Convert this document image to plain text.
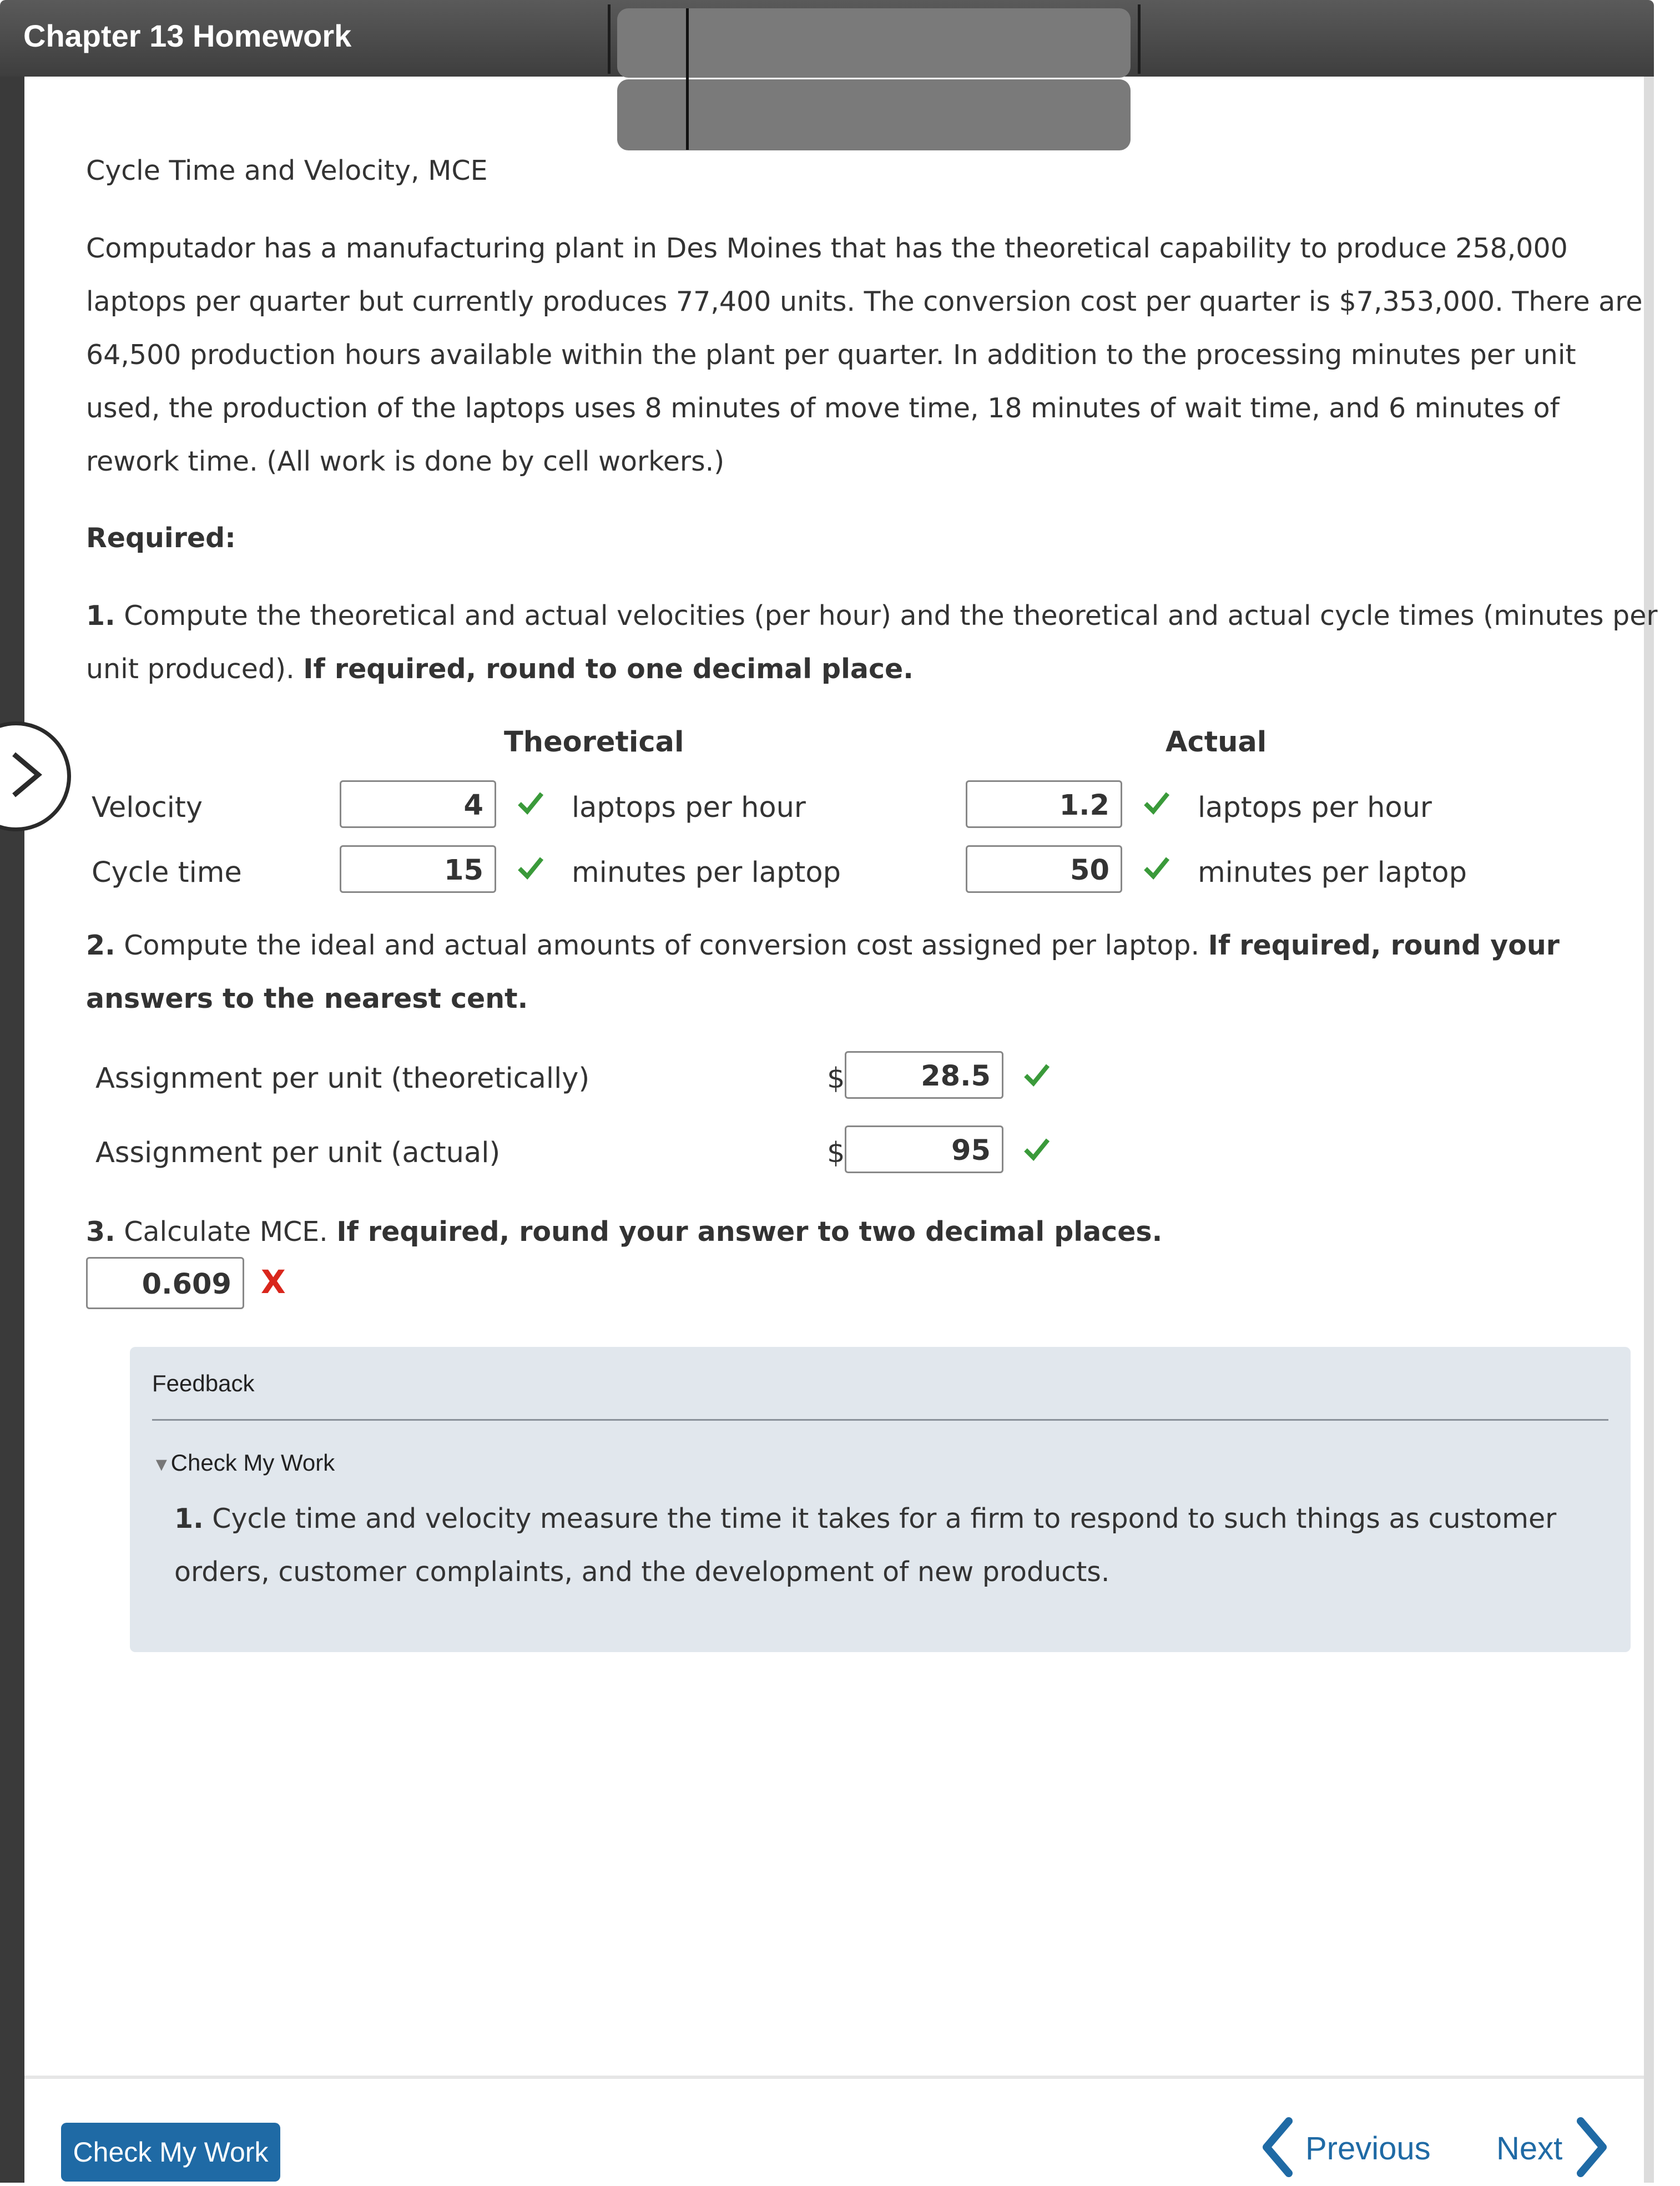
Chapter 13 Homework
Cycle Time and Velocity, MCE
Computador has a manufacturing plant in Des Moines that has the theoretical capability to produce 258,000
laptops per quarter but currently produces 77,400 units. The conversion cost per quarter is $7,353,000. There are
64,500 production hours available within the plant per quarter. In addition to the processing minutes per unit
used, the production of the laptops uses 8 minutes of move time, 18 minutes of wait time, and 6 minutes of
rework time. (All work is done by cell workers.)
Required:
1. Compute the theoretical and actual velocities (per hour) and the theoretical and actual cycle times (minutes per
unit produced). If required, round to one decimal place.
Theoretical	Actual
Velocity	4	laptops per hour	1.2	laptops per hour
Cycle time	15	minutes per laptop	50	minutes per laptop
2. Compute the ideal and actual amounts of conversion cost assigned per laptop. If required, round your
answers to the nearest cent.
Assignment per unit (theoretically)	$	28.5
Assignment per unit (actual)	$	95
3. Calculate MCE. If required, round your answer to two decimal places.
0.609 X
Feedback
▼Check My Work
1. Cycle time and velocity measure the time it takes for a firm to respond to such things as customer
orders, customer complaints, and the development of new products.
Check My Work	Previous Next
